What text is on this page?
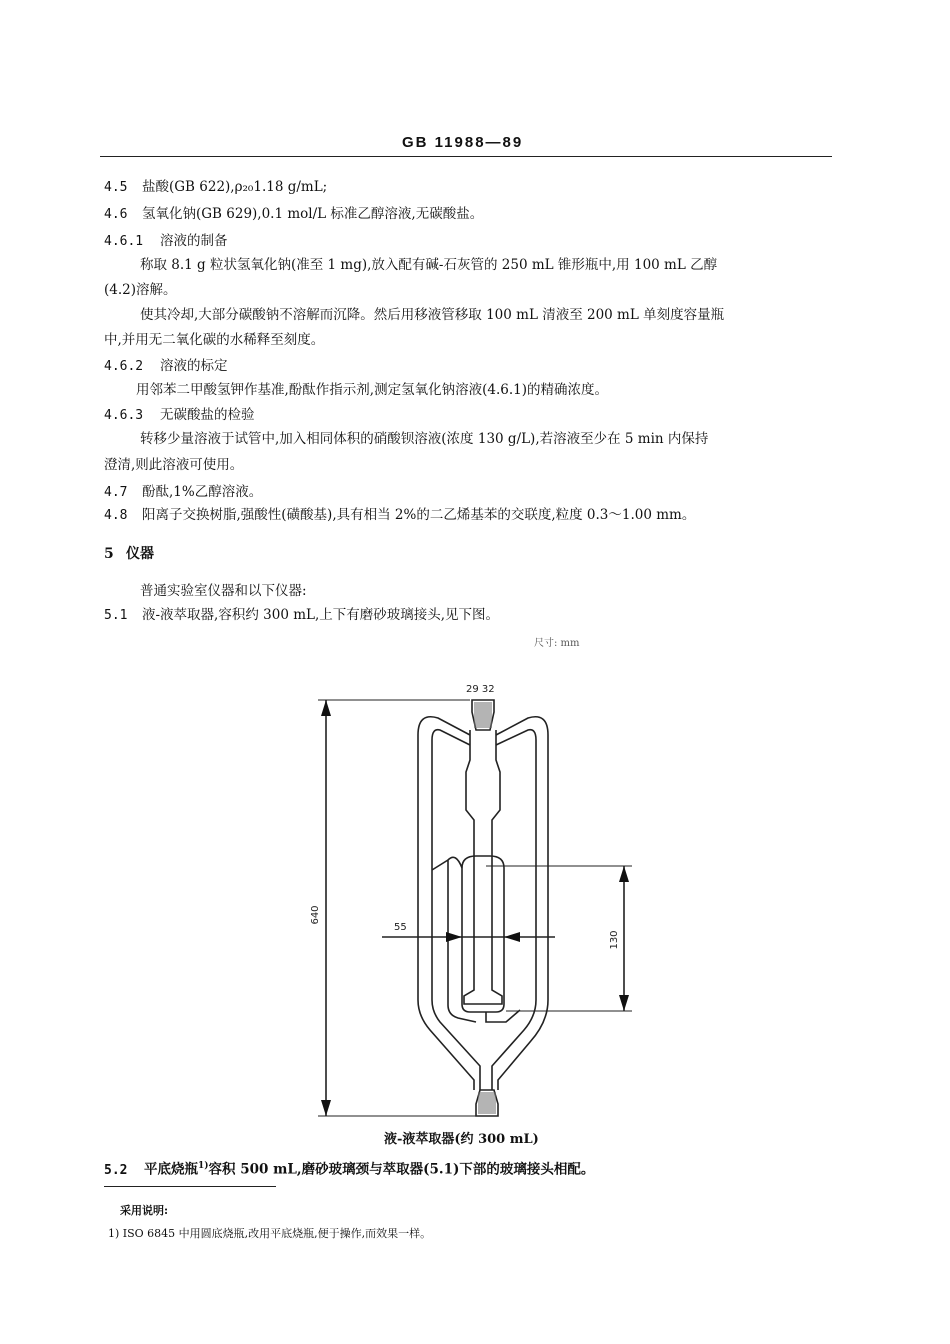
GB 11988—89
4.5 盐酸(GB 622),ρ₂₀1.18 g/mL;
4.6 氢氧化钠(GB 629),0.1 mol/L 标准乙醇溶液,无碳酸盐。
4.6.1 溶液的制备
称取 8.1 g 粒状氢氧化钠(准至 1 mg),放入配有碱-石灰管的 250 mL 锥形瓶中,用 100 mL 乙醇
(4.2)溶解。
使其冷却,大部分碳酸钠不溶解而沉降。然后用移液管移取 100 mL 清液至 200 mL 单刻度容量瓶
中,并用无二氧化碳的水稀释至刻度。
4.6.2 溶液的标定
用邻苯二甲酸氢钾作基准,酚酞作指示剂,测定氢氧化钠溶液(4.6.1)的精确浓度。
4.6.3 无碳酸盐的检验
转移少量溶液于试管中,加入相同体积的硝酸钡溶液(浓度 130 g/L),若溶液至少在 5 min 内保持
澄清,则此溶液可使用。
4.7 酚酞,1%乙醇溶液。
4.8 阳离子交换树脂,强酸性(磺酸基),具有相当 2%的二乙烯基苯的交联度,粒度 0.3～1.00 mm。
5 仪器
普通实验室仪器和以下仪器:
5.1 液-液萃取器,容积约 300 mL,上下有磨砂玻璃接头,见下图。
尺寸: mm
29 32
640
55
130
液-液萃取器(约 300 mL)
5.2 平底烧瓶$^{1)}$容积 500 mL,磨砂玻璃颈与萃取器(5.1)下部的玻璃接头相配。
采用说明:
1) ISO 6845 中用圆底烧瓶,改用平底烧瓶,便于操作,而效果一样。
